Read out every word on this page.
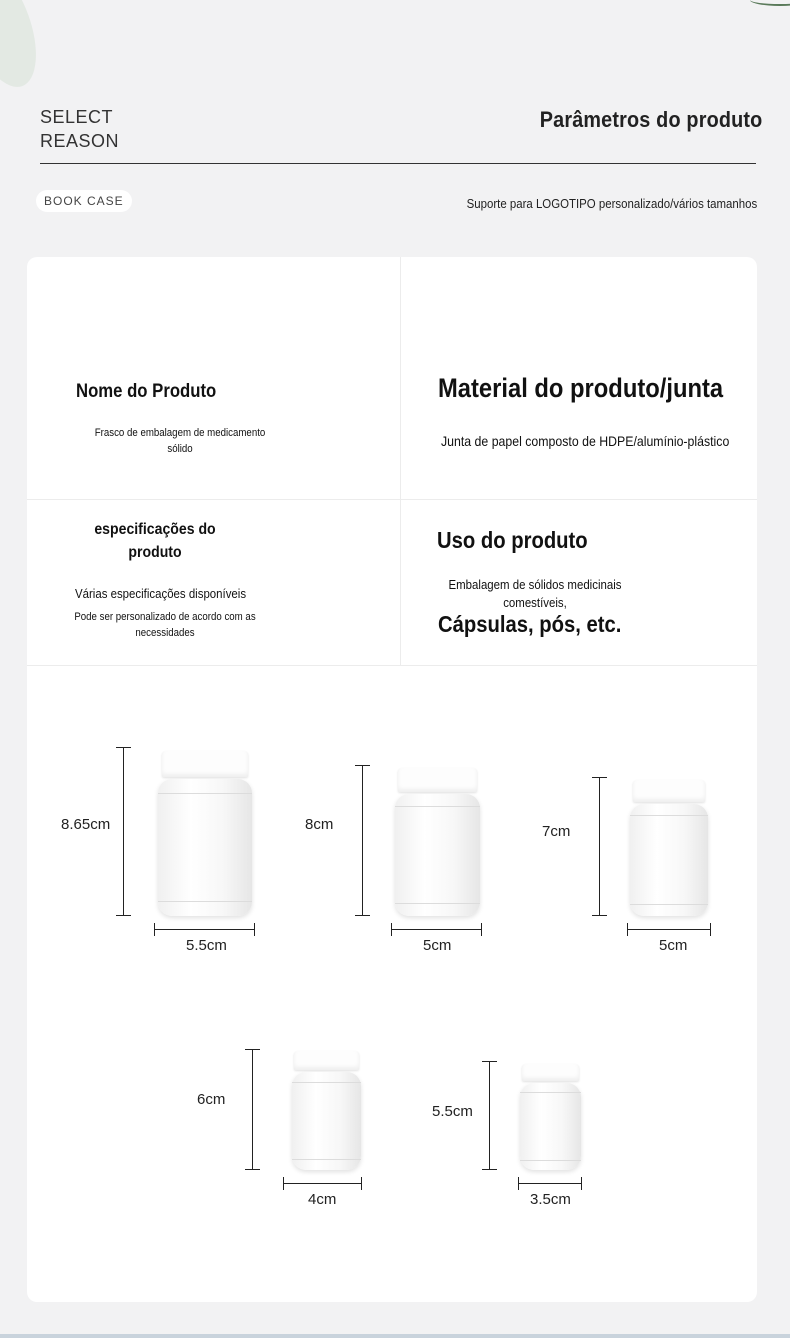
SELECT
REASON
Parâmetros do produto
BOOK CASE	Suporte para LOGOTIPO personalizado/vários tamanhos
Nome do Produto
Frasco de embalagem de medicamento
sólido
Material do produto/junta
Junta de papel composto de HDPE/alumínio-plástico
especificações do
produto
Várias especificações disponíveis
Pode ser personalizado de acordo com as
necessidades
Uso do produto
Embalagem de sólidos medicinais
comestíveis,
Cápsulas, pós, etc.
8.65cm
5.5cm
8cm
5cm
7cm
5cm
6cm
4cm
5.5cm
3.5cm
